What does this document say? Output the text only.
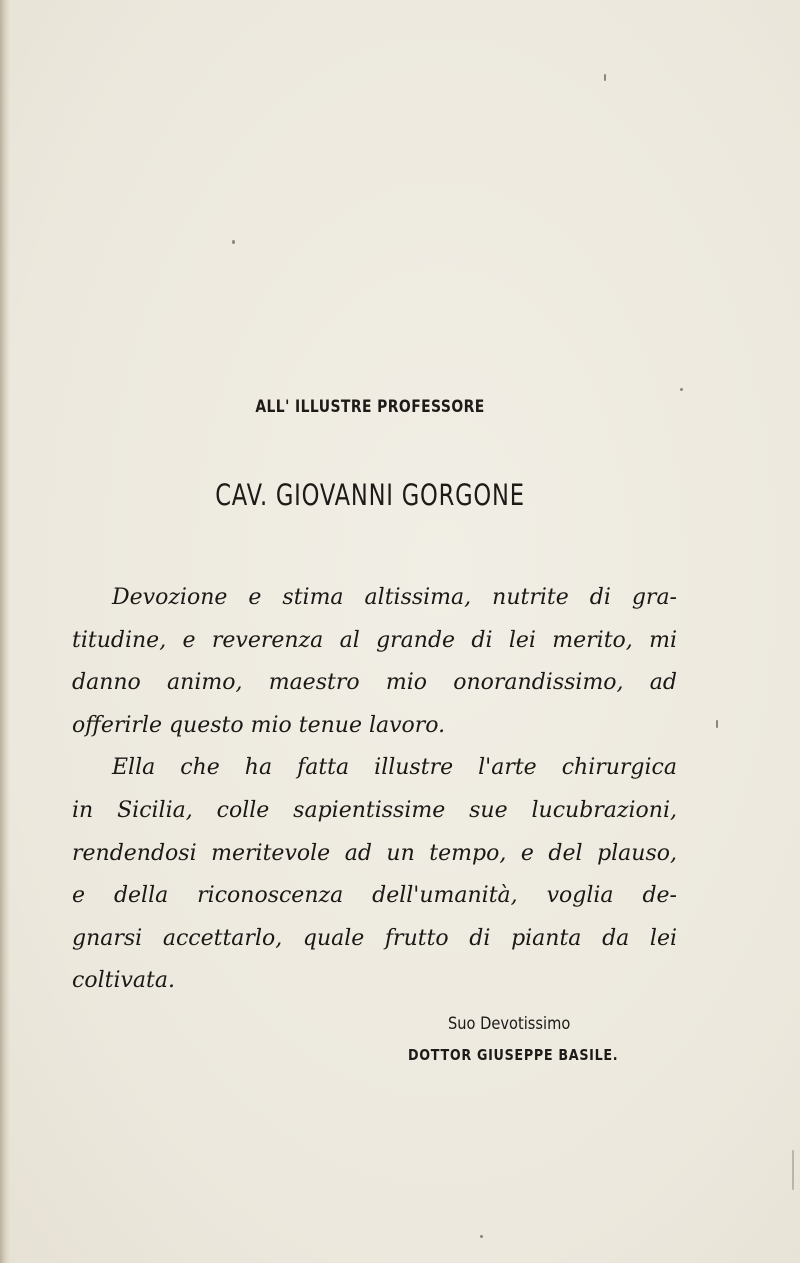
ALL' ILLUSTRE PROFESSORE
CAV. GIOVANNI GORGONE
Devozione e stima altissima, nutrite di gra-
titudine, e reverenza al grande di lei merito, mi
danno animo, maestro mio onorandissimo, ad
offerirle questo mio tenue lavoro.
Ella che ha fatta illustre l'arte chirurgica
in Sicilia, colle sapientissime sue lucubrazioni,
rendendosi meritevole ad un tempo, e del plauso,
e della riconoscenza dell'umanità, voglia de-
gnarsi accettarlo, quale frutto di pianta da lei
coltivata.
Suo Devotissimo
DOTTOR GIUSEPPE BASILE.
